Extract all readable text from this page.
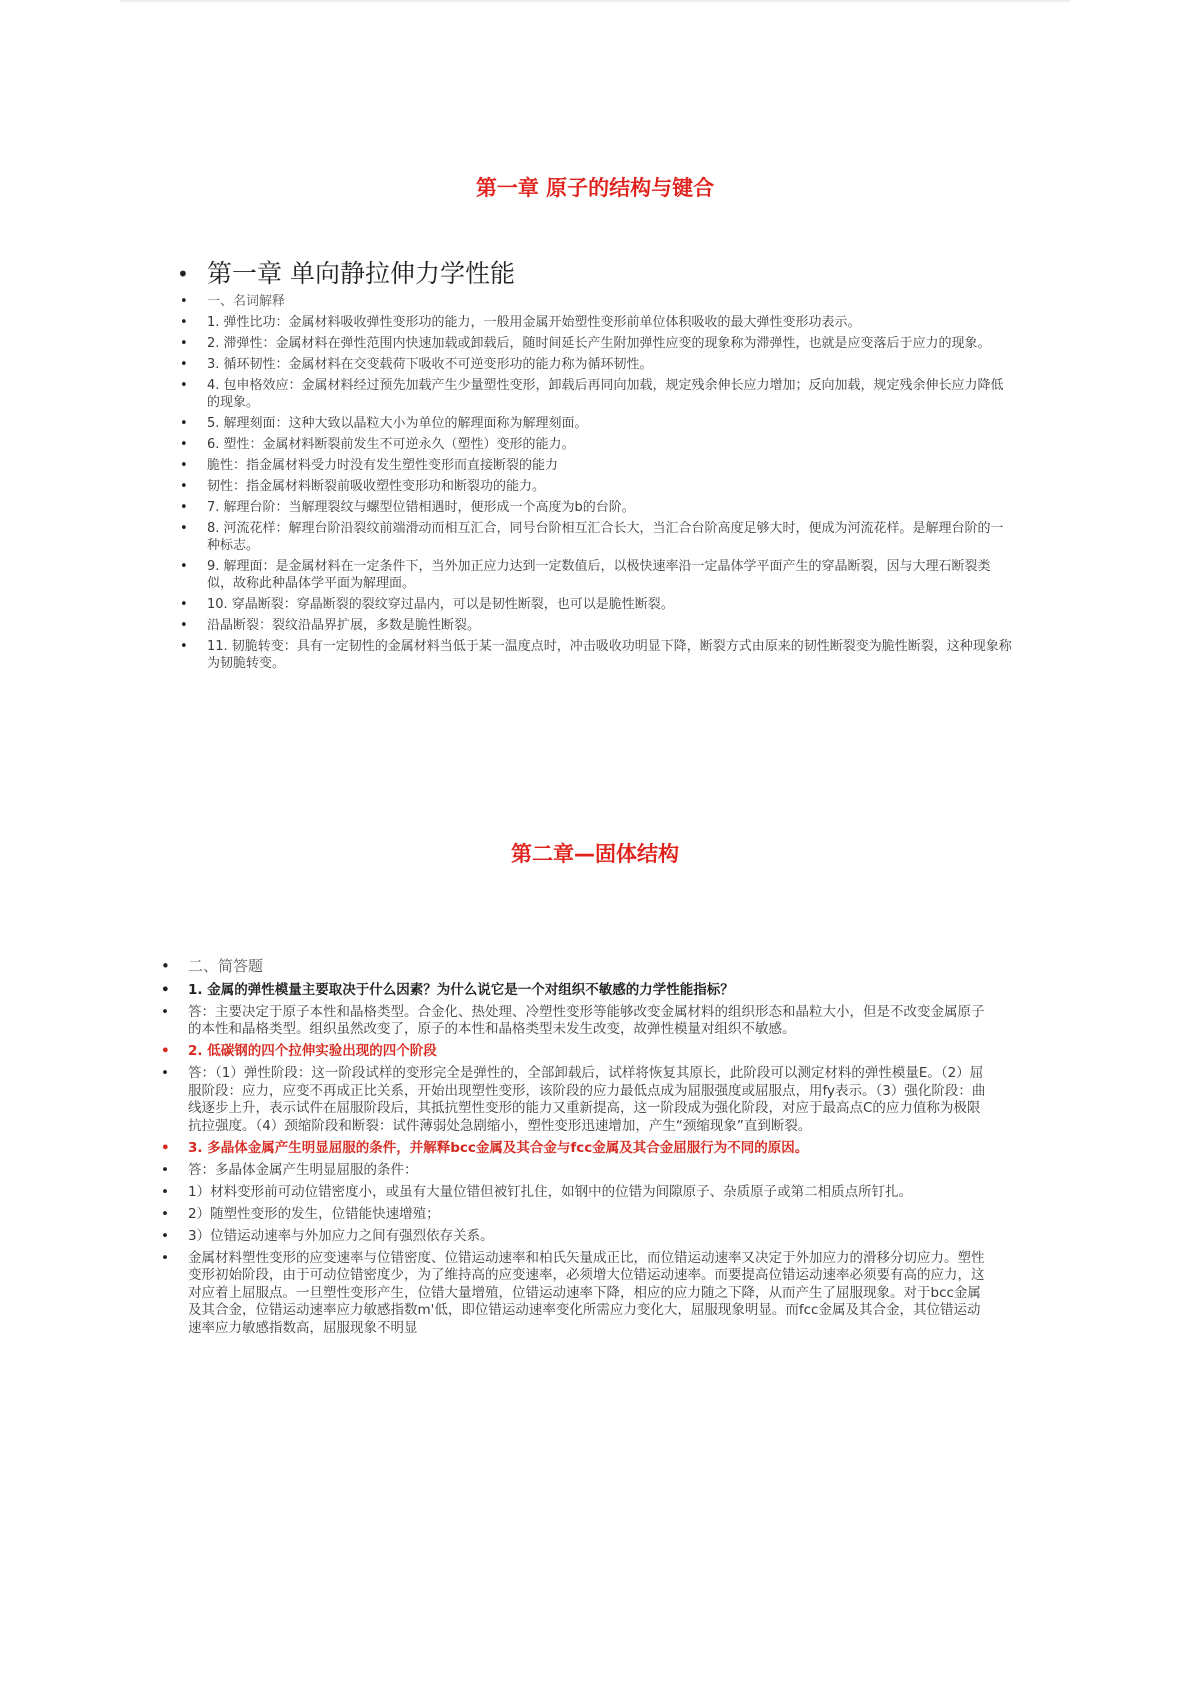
第一章 原子的结构与键合
• 第一章 单向静拉伸力学性能
• 一、名词解释
• 1. 弹性比功：金属材料吸收弹性变形功的能力，一般用金属开始塑性变形前单位体积吸收的最大弹性变形功表示。
• 2. 滞弹性：金属材料在弹性范围内快速加载或卸载后，随时间延长产生附加弹性应变的现象称为滞弹性，也就是应变落后于应力的现象。
• 3. 循环韧性：金属材料在交变载荷下吸收不可逆变形功的能力称为循环韧性。
• 4. 包申格效应：金属材料经过预先加载产生少量塑性变形，卸载后再同向加载，规定残余伸长应力增加；反向加载，规定残余伸长应力降低的现象。
• 5. 解理刻面：这种大致以晶粒大小为单位的解理面称为解理刻面。
• 6. 塑性：金属材料断裂前发生不可逆永久（塑性）变形的能力。
• 脆性：指金属材料受力时没有发生塑性变形而直接断裂的能力
• 韧性：指金属材料断裂前吸收塑性变形功和断裂功的能力。
• 7. 解理台阶：当解理裂纹与螺型位错相遇时，便形成一个高度为b的台阶。
• 8. 河流花样：解理台阶沿裂纹前端滑动而相互汇合，同号台阶相互汇合长大，当汇合台阶高度足够大时，便成为河流花样。是解理台阶的一种标志。
• 9. 解理面：是金属材料在一定条件下，当外加正应力达到一定数值后，以极快速率沿一定晶体学平面产生的穿晶断裂，因与大理石断裂类似，故称此种晶体学平面为解理面。
• 10. 穿晶断裂：穿晶断裂的裂纹穿过晶内，可以是韧性断裂，也可以是脆性断裂。
• 沿晶断裂：裂纹沿晶界扩展，多数是脆性断裂。
• 11. 韧脆转变：具有一定韧性的金属材料当低于某一温度点时，冲击吸收功明显下降，断裂方式由原来的韧性断裂变为脆性断裂，这种现象称为韧脆转变。
第二章—固体结构
• 二、简答题
• 1. 金属的弹性模量主要取决于什么因素？为什么说它是一个对组织不敏感的力学性能指标？
• 答：主要决定于原子本性和晶格类型。合金化、热处理、冷塑性变形等能够改变金属材料的组织形态和晶粒大小，但是不改变金属原子的本性和晶格类型。组织虽然改变了，原子的本性和晶格类型未发生改变，故弹性模量对组织不敏感。
• 2. 低碳钢的四个拉伸实验出现的四个阶段
• 答：（1）弹性阶段：这一阶段试样的变形完全是弹性的，全部卸载后，试样将恢复其原长，此阶段可以测定材料的弹性模量E。（2）屈服阶段：应力，应变不再成正比关系，开始出现塑性变形，该阶段的应力最低点成为屈服强度或屈服点，用fy表示。（3）强化阶段：曲线逐步上升，表示试件在屈服阶段后，其抵抗塑性变形的能力又重新提高，这一阶段成为强化阶段，对应于最高点C的应力值称为极限抗拉强度。（4）颈缩阶段和断裂：试件薄弱处急剧缩小，塑性变形迅速增加，产生“颈缩现象”直到断裂。
• 3. 多晶体金属产生明显屈服的条件，并解释bcc金属及其合金与fcc金属及其合金屈服行为不同的原因。
• 答：多晶体金属产生明显屈服的条件：
• 1）材料变形前可动位错密度小，或虽有大量位错但被钉扎住，如钢中的位错为间隙原子、杂质原子或第二相质点所钉扎。
• 2）随塑性变形的发生，位错能快速增殖；
• 3）位错运动速率与外加应力之间有强烈依存关系。
• 金属材料塑性变形的应变速率与位错密度、位错运动速率和柏氏矢量成正比，而位错运动速率又决定于外加应力的滑移分切应力。塑性变形初始阶段，由于可动位错密度少，为了维持高的应变速率，必须增大位错运动速率。而要提高位错运动速率必须要有高的应力，这对应着上屈服点。一旦塑性变形产生，位错大量增殖，位错运动速率下降，相应的应力随之下降，从而产生了屈服现象。对于bcc金属及其合金，位错运动速率应力敏感指数m'低，即位错运动速率变化所需应力变化大，屈服现象明显。而fcc金属及其合金，其位错运动速率应力敏感指数高，屈服现象不明显
